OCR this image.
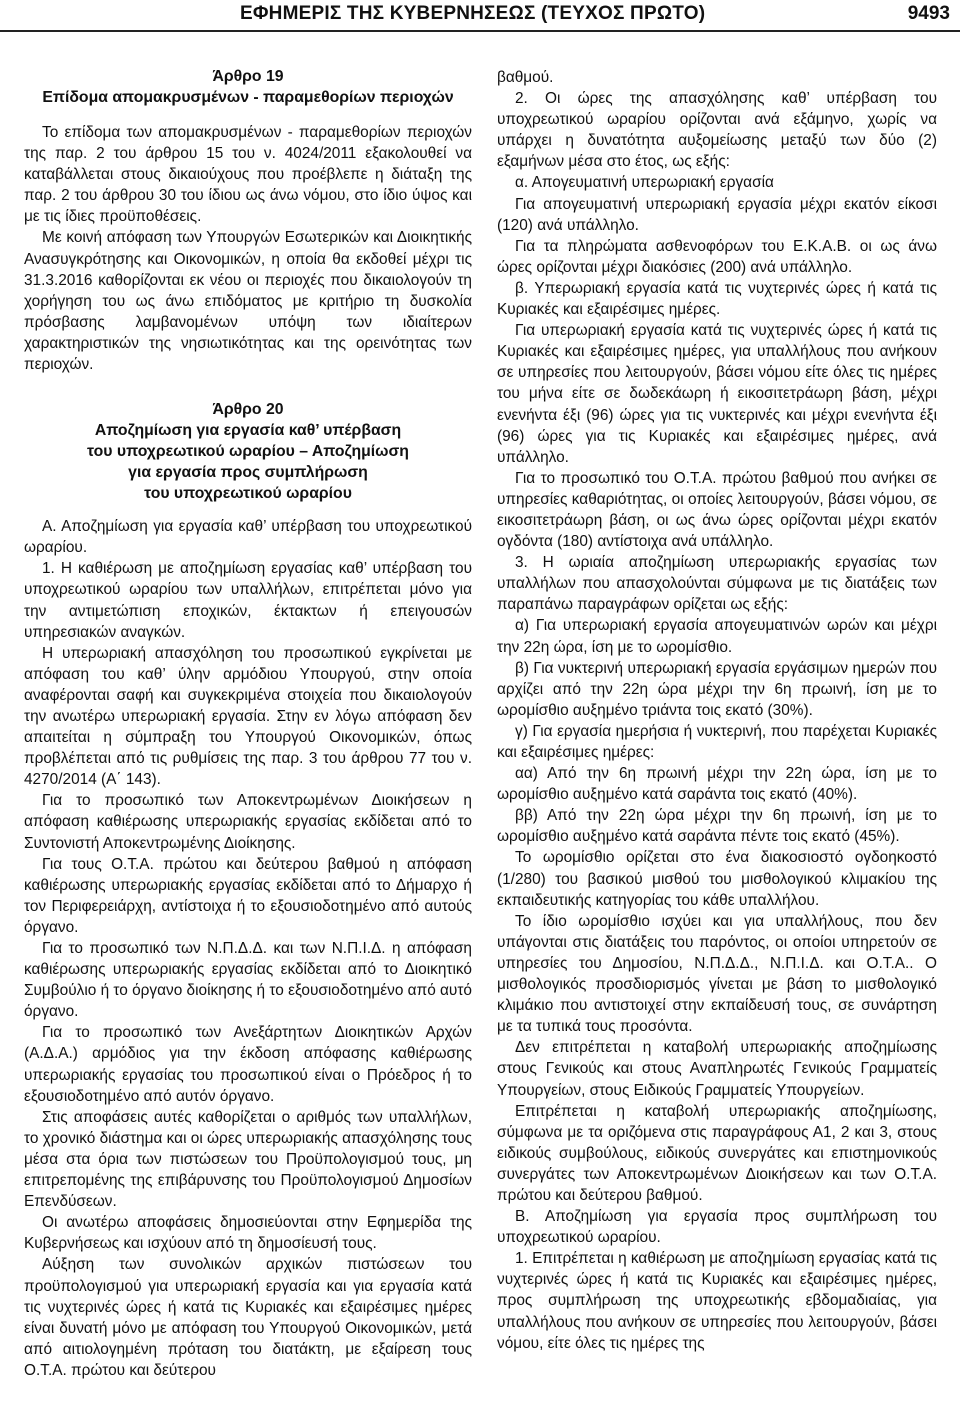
ΕΦΗΜΕΡΙΣ ΤΗΣ ΚΥΒΕΡΝΗΣΕΩΣ (ΤΕΥΧΟΣ ΠΡΩΤΟ)	9493
Άρθρο 19
Επίδομα απομακρυσμένων - παραμεθορίων περιοχών

Το επίδομα των απομακρυσμένων - παραμεθορίων περιοχών της παρ. 2 του άρθρου 15 του ν. 4024/2011 εξακολουθεί να καταβάλλεται στους δικαιούχους που προέβλεπε η διάταξη της παρ. 2 του άρθρου 30 του ίδιου ως άνω νόμου, στο ίδιο ύψος και με τις ίδιες προϋποθέσεις.

Με κοινή απόφαση των Υπουργών Εσωτερικών και Διοικητικής Ανασυγκρότησης και Οικονομικών, η οποία θα εκδοθεί μέχρι τις 31.3.2016 καθορίζονται εκ νέου οι περιοχές που δικαιολογούν τη χορήγηση του ως άνω επιδόματος με κριτήριο τη δυσκολία πρόσβασης λαμβανομένων υπόψη των ιδιαίτερων χαρακτηριστικών της νησιωτικότητας και της ορεινότητας των περιοχών.

Άρθρο 20
Αποζημίωση για εργασία καθ’ υπέρβαση
του υποχρεωτικού ωραρίου – Αποζημίωση
για εργασία προς συμπλήρωση
του υποχρεωτικού ωραρίου

Α. Αποζημίωση για εργασία καθ’ υπέρβαση του υποχρεωτικού ωραρίου.

1. Η καθιέρωση με αποζημίωση εργασίας καθ’ υπέρβαση του υποχρεωτικού ωραρίου των υπαλλήλων, επιτρέπεται μόνο για την αντιμετώπιση εποχικών, έκτακτων ή επειγουσών υπηρεσιακών αναγκών.

Η υπερωριακή απασχόληση του προσωπικού εγκρίνεται με απόφαση του καθ’ ύλην αρμόδιου Υπουργού, στην οποία αναφέρονται σαφή και συγκεκριμένα στοιχεία που δικαιολογούν την ανωτέρω υπερωριακή εργασία. Στην εν λόγω απόφαση δεν απαιτείται η σύμπραξη του Υπουργού Οικονομικών, όπως προβλέπεται από τις ρυθμίσεις της παρ. 3 του άρθρου 77 του ν. 4270/2014 (Α΄ 143).

Για το προσωπικό των Αποκεντρωμένων Διοικήσεων η απόφαση καθιέρωσης υπερωριακής εργασίας εκδίδεται από το Συντονιστή Αποκεντρωμένης Διοίκησης.

Για τους Ο.Τ.Α. πρώτου και δεύτερου βαθμού η απόφαση καθιέρωσης υπερωριακής εργασίας εκδίδεται από το Δήμαρχο ή τον Περιφερειάρχη, αντίστοιχα ή το εξουσιοδοτημένο από αυτούς όργανο.

Για το προσωπικό των Ν.Π.Δ.Δ. και των Ν.Π.Ι.Δ. η απόφαση καθιέρωσης υπερωριακής εργασίας εκδίδεται από το Διοικητικό Συμβούλιο ή το όργανο διοίκησης ή το εξουσιοδοτημένο από αυτό όργανο.

Για το προσωπικό των Ανεξάρτητων Διοικητικών Αρχών (Α.Δ.Α.) αρμόδιος για την έκδοση απόφασης καθιέρωσης υπερωριακής εργασίας του προσωπικού είναι ο Πρόεδρος ή το εξουσιοδοτημένο από αυτόν όργανο.

Στις αποφάσεις αυτές καθορίζεται ο αριθμός των υπαλλήλων, το χρονικό διάστημα και οι ώρες υπερωριακής απασχόλησης τους μέσα στα όρια των πιστώσεων του Προϋπολογισμού τους, μη επιτρεπομένης της επιβάρυνσης του Προϋπολογισμού Δημοσίων Επενδύσεων.

Οι ανωτέρω αποφάσεις δημοσιεύονται στην Εφημερίδα της Κυβερνήσεως και ισχύουν από τη δημοσίευσή τους.

Αύξηση των συνολικών αρχικών πιστώσεων του προϋπολογισμού για υπερωριακή εργασία και για εργασία κατά τις νυχτερινές ώρες ή κατά τις Κυριακές και εξαιρέσιμες ημέρες είναι δυνατή μόνο με απόφαση του Υπουργού Οικονομικών, μετά από αιτιολογημένη πρόταση του διατάκτη, με εξαίρεση τους Ο.Τ.Α. πρώτου και δεύτερου

βαθμού.

2. Οι ώρες της απασχόλησης καθ’ υπέρβαση του υποχρεωτικού ωραρίου ορίζονται ανά εξάμηνο, χωρίς να υπάρχει η δυνατότητα αυξομείωσης μεταξύ των δύο (2) εξαμήνων μέσα στο έτος, ως εξής:

α. Απογευματινή υπερωριακή εργασία

Για απογευματινή υπερωριακή εργασία μέχρι εκατόν είκοσι (120) ανά υπάλληλο.

Για τα πληρώματα ασθενοφόρων του Ε.Κ.Α.Β. οι ως άνω ώρες ορίζονται μέχρι διακόσιες (200) ανά υπάλληλο.

β. Υπερωριακή εργασία κατά τις νυχτερινές ώρες ή κατά τις Κυριακές και εξαιρέσιμες ημέρες.

Για υπερωριακή εργασία κατά τις νυχτερινές ώρες ή κατά τις Κυριακές και εξαιρέσιμες ημέρες, για υπαλλήλους που ανήκουν σε υπηρεσίες που λειτουργούν, βάσει νόμου είτε όλες τις ημέρες του μήνα είτε σε δωδεκάωρη ή εικοσιτετράωρη βάση, μέχρι ενενήντα έξι (96) ώρες για τις νυκτερινές και μέχρι ενενήντα έξι (96) ώρες για τις Κυριακές και εξαιρέσιμες ημέρες, ανά υπάλληλο.

Για το προσωπικό του Ο.Τ.Α. πρώτου βαθμού που ανήκει σε υπηρεσίες καθαριότητας, οι οποίες λειτουργούν, βάσει νόμου, σε εικοσιτετράωρη βάση, οι ως άνω ώρες ορίζονται μέχρι εκατόν ογδόντα (180) αντίστοιχα ανά υπάλληλο.

3. Η ωριαία αποζημίωση υπερωριακής εργασίας των υπαλλήλων που απασχολούνται σύμφωνα με τις διατάξεις των παραπάνω παραγράφων ορίζεται ως εξής:

α) Για υπερωριακή εργασία απογευματινών ωρών και μέχρι την 22η ώρα, ίση με το ωρομίσθιο.

β) Για νυκτερινή υπερωριακή εργασία εργάσιμων ημερών που αρχίζει από την 22η ώρα μέχρι την 6η πρωινή, ίση με το ωρομίσθιο αυξημένο τριάντα τοις εκατό (30%).

γ) Για εργασία ημερήσια ή νυκτερινή, που παρέχεται Κυριακές και εξαιρέσιμες ημέρες:

αα) Από την 6η πρωινή μέχρι την 22η ώρα, ίση με το ωρομίσθιο αυξημένο κατά σαράντα τοις εκατό (40%).

ββ) Από την 22η ώρα μέχρι την 6η πρωινή, ίση με το ωρομίσθιο αυξημένο κατά σαράντα πέντε τοις εκατό (45%).

Το ωρομίσθιο ορίζεται στο ένα διακοσιοστό ογδοηκοστό (1/280) του βασικού μισθού του μισθολογικού κλιμακίου της εκπαιδευτικής κατηγορίας του κάθε υπαλλήλου.

Το ίδιο ωρομίσθιο ισχύει και για υπαλλήλους, που δεν υπάγονται στις διατάξεις του παρόντος, οι οποίοι υπηρετούν σε υπηρεσίες του Δημοσίου, Ν.Π.Δ.Δ., Ν.Π.Ι.Δ. και Ο.Τ.Α.. Ο μισθολογικός προσδιορισμός γίνεται με βάση το μισθολογικό κλιμάκιο που αντιστοιχεί στην εκπαίδευσή τους, σε συνάρτηση με τα τυπικά τους προσόντα.

Δεν επιτρέπεται η καταβολή υπερωριακής αποζημίωσης στους Γενικούς και στους Αναπληρωτές Γενικούς Γραμματείς Υπουργείων, στους Ειδικούς Γραμματείς Υπουργείων.

Επιτρέπεται η καταβολή υπερωριακής αποζημίωσης, σύμφωνα με τα οριζόμενα στις παραγράφους Α1, 2 και 3, στους ειδικούς συμβούλους, ειδικούς συνεργάτες και επιστημονικούς συνεργάτες των Αποκεντρωμένων Διοικήσεων και των Ο.Τ.Α. πρώτου και δεύτερου βαθμού.

Β. Αποζημίωση για εργασία προς συμπλήρωση του υποχρεωτικού ωραρίου.

1. Επιτρέπεται η καθιέρωση με αποζημίωση εργασίας κατά τις νυχτερινές ώρες ή κατά τις Κυριακές και εξαιρέσιμες ημέρες, προς συμπλήρωση της υποχρεωτικής εβδομαδιαίας, για υπαλλήλους που ανήκουν σε υπηρεσίες που λειτουργούν, βάσει νόμου, είτε όλες τις ημέρες της
